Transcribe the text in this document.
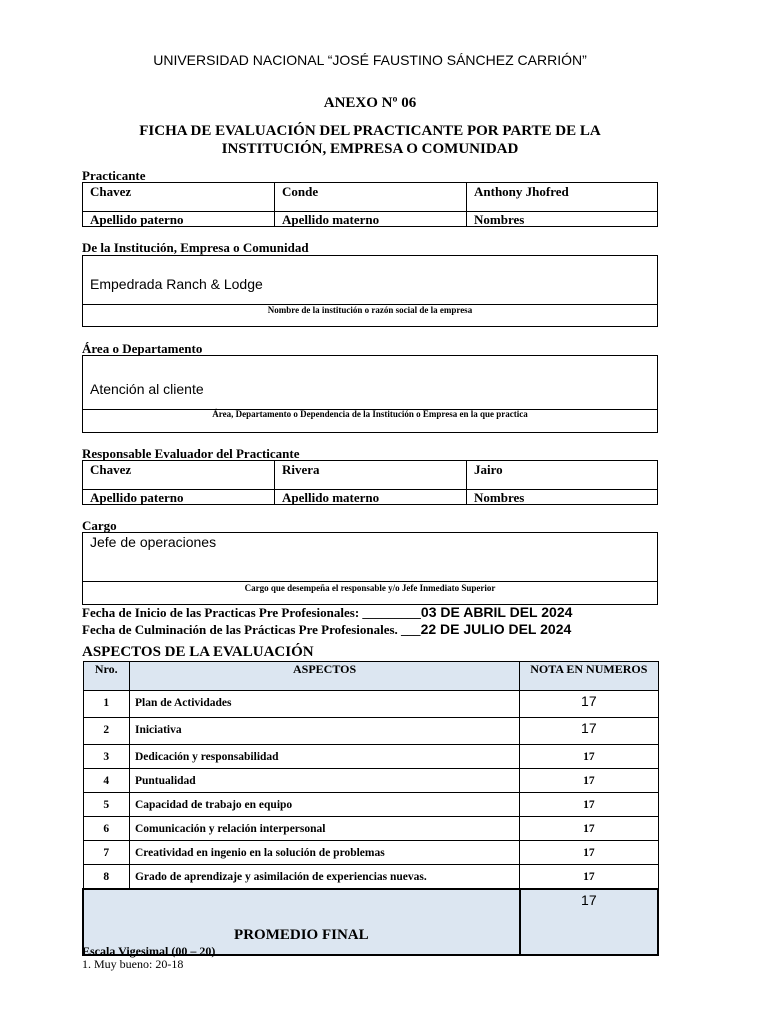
UNIVERSIDAD NACIONAL “JOSÉ FAUSTINO SÁNCHEZ CARRIÓN”
ANEXO Nº 06
FICHA DE EVALUACIÓN DEL PRACTICANTE POR PARTE DE LA
INSTITUCIÓN, EMPRESA O COMUNIDAD
Practicante
Chavez	Conde	Anthony Jhofred
Apellido paterno	Apellido materno	Nombres
De la Institución, Empresa o Comunidad
Empedrada Ranch & Lodge
Nombre de la institución o razón social de la empresa
Área o Departamento
Atención al cliente
Área, Departamento o Dependencia de la Institución o Empresa en la que practica
Responsable Evaluador del Practicante
Chavez	Rivera	Jairo
Apellido paterno	Apellido materno	Nombres
Cargo
Jefe de operaciones
Cargo que desempeña el responsable y/o Jefe Inmediato Superior
Fecha de Inicio de las Practicas Pre Profesionales: _________03 DE ABRIL DEL 2024
Fecha de Culminación de las Prácticas Pre Profesionales. ___22 DE JULIO DEL 2024
ASPECTOS DE LA EVALUACIÓN
Nro.	ASPECTOS	NOTA EN NUMEROS
1	Plan de Actividades	17
2	Iniciativa	17
3	Dedicación y responsabilidad	17
4	Puntualidad	17
5	Capacidad de trabajo en equipo	17
6	Comunicación y relación interpersonal	17
7	Creatividad en ingenio en la solución de problemas	17
8	Grado de aprendizaje y asimilación de experiencias nuevas.	17
PROMEDIO FINAL		17
Escala Vigesimal (00 – 20)
1. Muy bueno: 20-18
